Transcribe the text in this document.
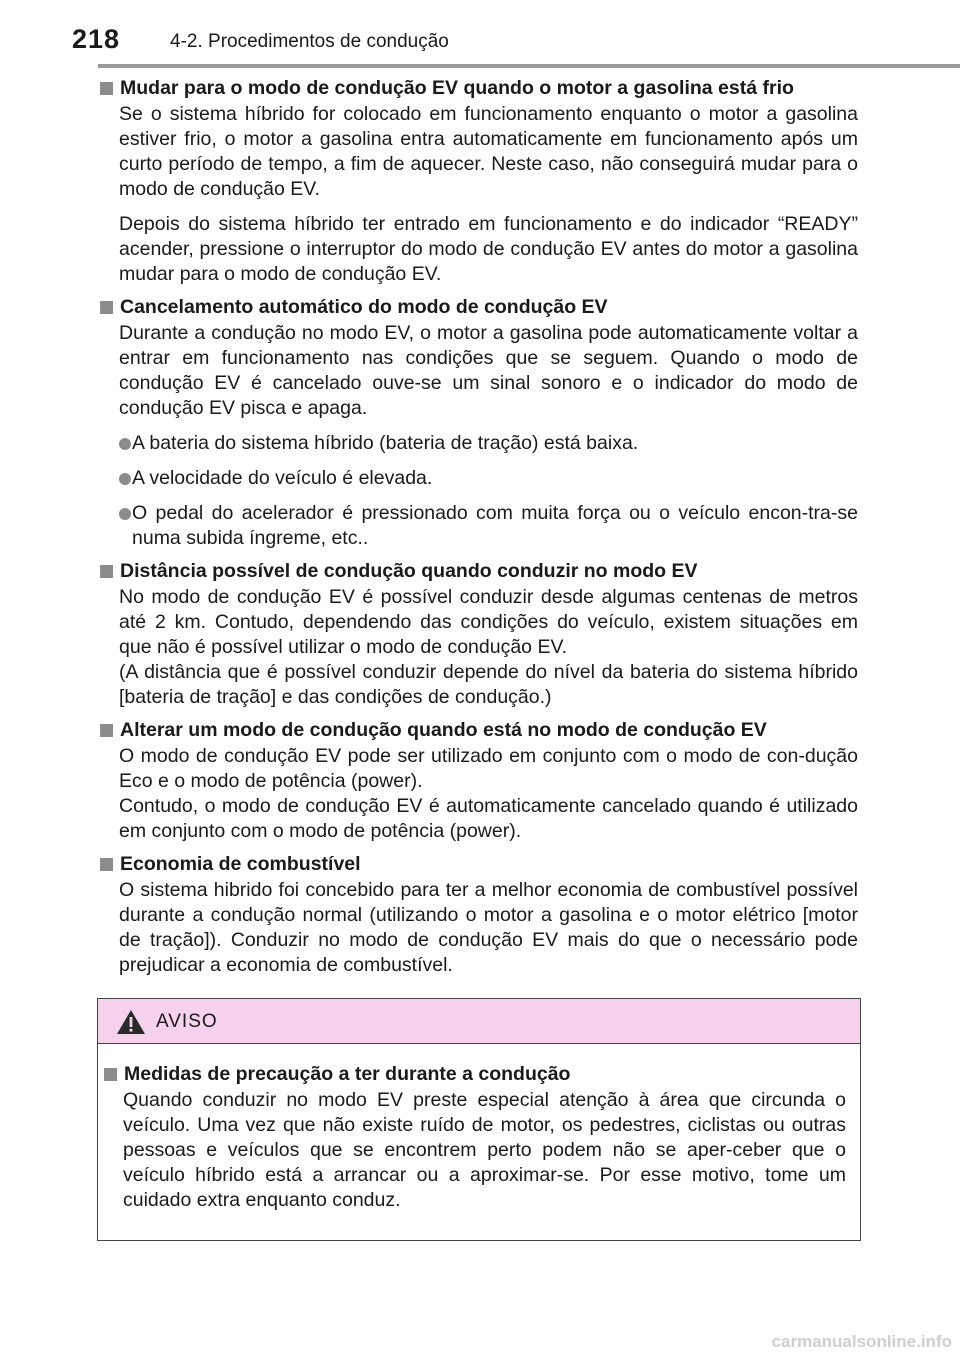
218	4-2. Procedimentos de condução
Mudar para o modo de condução EV quando o motor a gasolina está frio

Se o sistema híbrido for colocado em funcionamento enquanto o motor a gasolina estiver frio, o motor a gasolina entra automaticamente em funcionamento após um curto período de tempo, a fim de aquecer. Neste caso, não conseguirá mudar para o modo de condução EV.

Depois do sistema híbrido ter entrado em funcionamento e do indicador “READY” acender, pressione o interruptor do modo de condução EV antes do motor a gasolina mudar para o modo de condução EV.

Cancelamento automático do modo de condução EV

Durante a condução no modo EV, o motor a gasolina pode automaticamente voltar a entrar em funcionamento nas condições que se seguem. Quando o modo de condução EV é cancelado ouve-se um sinal sonoro e o indicador do modo de condução EV pisca e apaga.

A bateria do sistema híbrido (bateria de tração) está baixa.
A velocidade do veículo é elevada.
O pedal do acelerador é pressionado com muita força ou o veículo encon-tra-se numa subida íngreme, etc..
Distância possível de condução quando conduzir no modo EV

No modo de condução EV é possível conduzir desde algumas centenas de metros até 2 km. Contudo, dependendo das condições do veículo, existem situações em que não é possível utilizar o modo de condução EV.

(A distância que é possível conduzir depende do nível da bateria do sistema híbrido [bateria de tração] e das condições de condução.)

Alterar um modo de condução quando está no modo de condução EV

O modo de condução EV pode ser utilizado em conjunto com o modo de con-dução Eco e o modo de potência (power).

Contudo, o modo de condução EV é automaticamente cancelado quando é utilizado em conjunto com o modo de potência (power).

Economia de combustível

O sistema hibrido foi concebido para ter a melhor economia de combustível possível durante a condução normal (utilizando o motor a gasolina e o motor elétrico [motor de tração]). Conduzir no modo de condução EV mais do que o necessário pode prejudicar a economia de combustível.

AVISO
Medidas de precaução a ter durante a condução

Quando conduzir no modo EV preste especial atenção à área que circunda o veículo. Uma vez que não existe ruído de motor, os pedestres, ciclistas ou outras pessoas e veículos que se encontrem perto podem não se aper-ceber que o veículo híbrido está a arrancar ou a aproximar-se. Por esse motivo, tome um cuidado extra enquanto conduz.

carmanualsonline.info
